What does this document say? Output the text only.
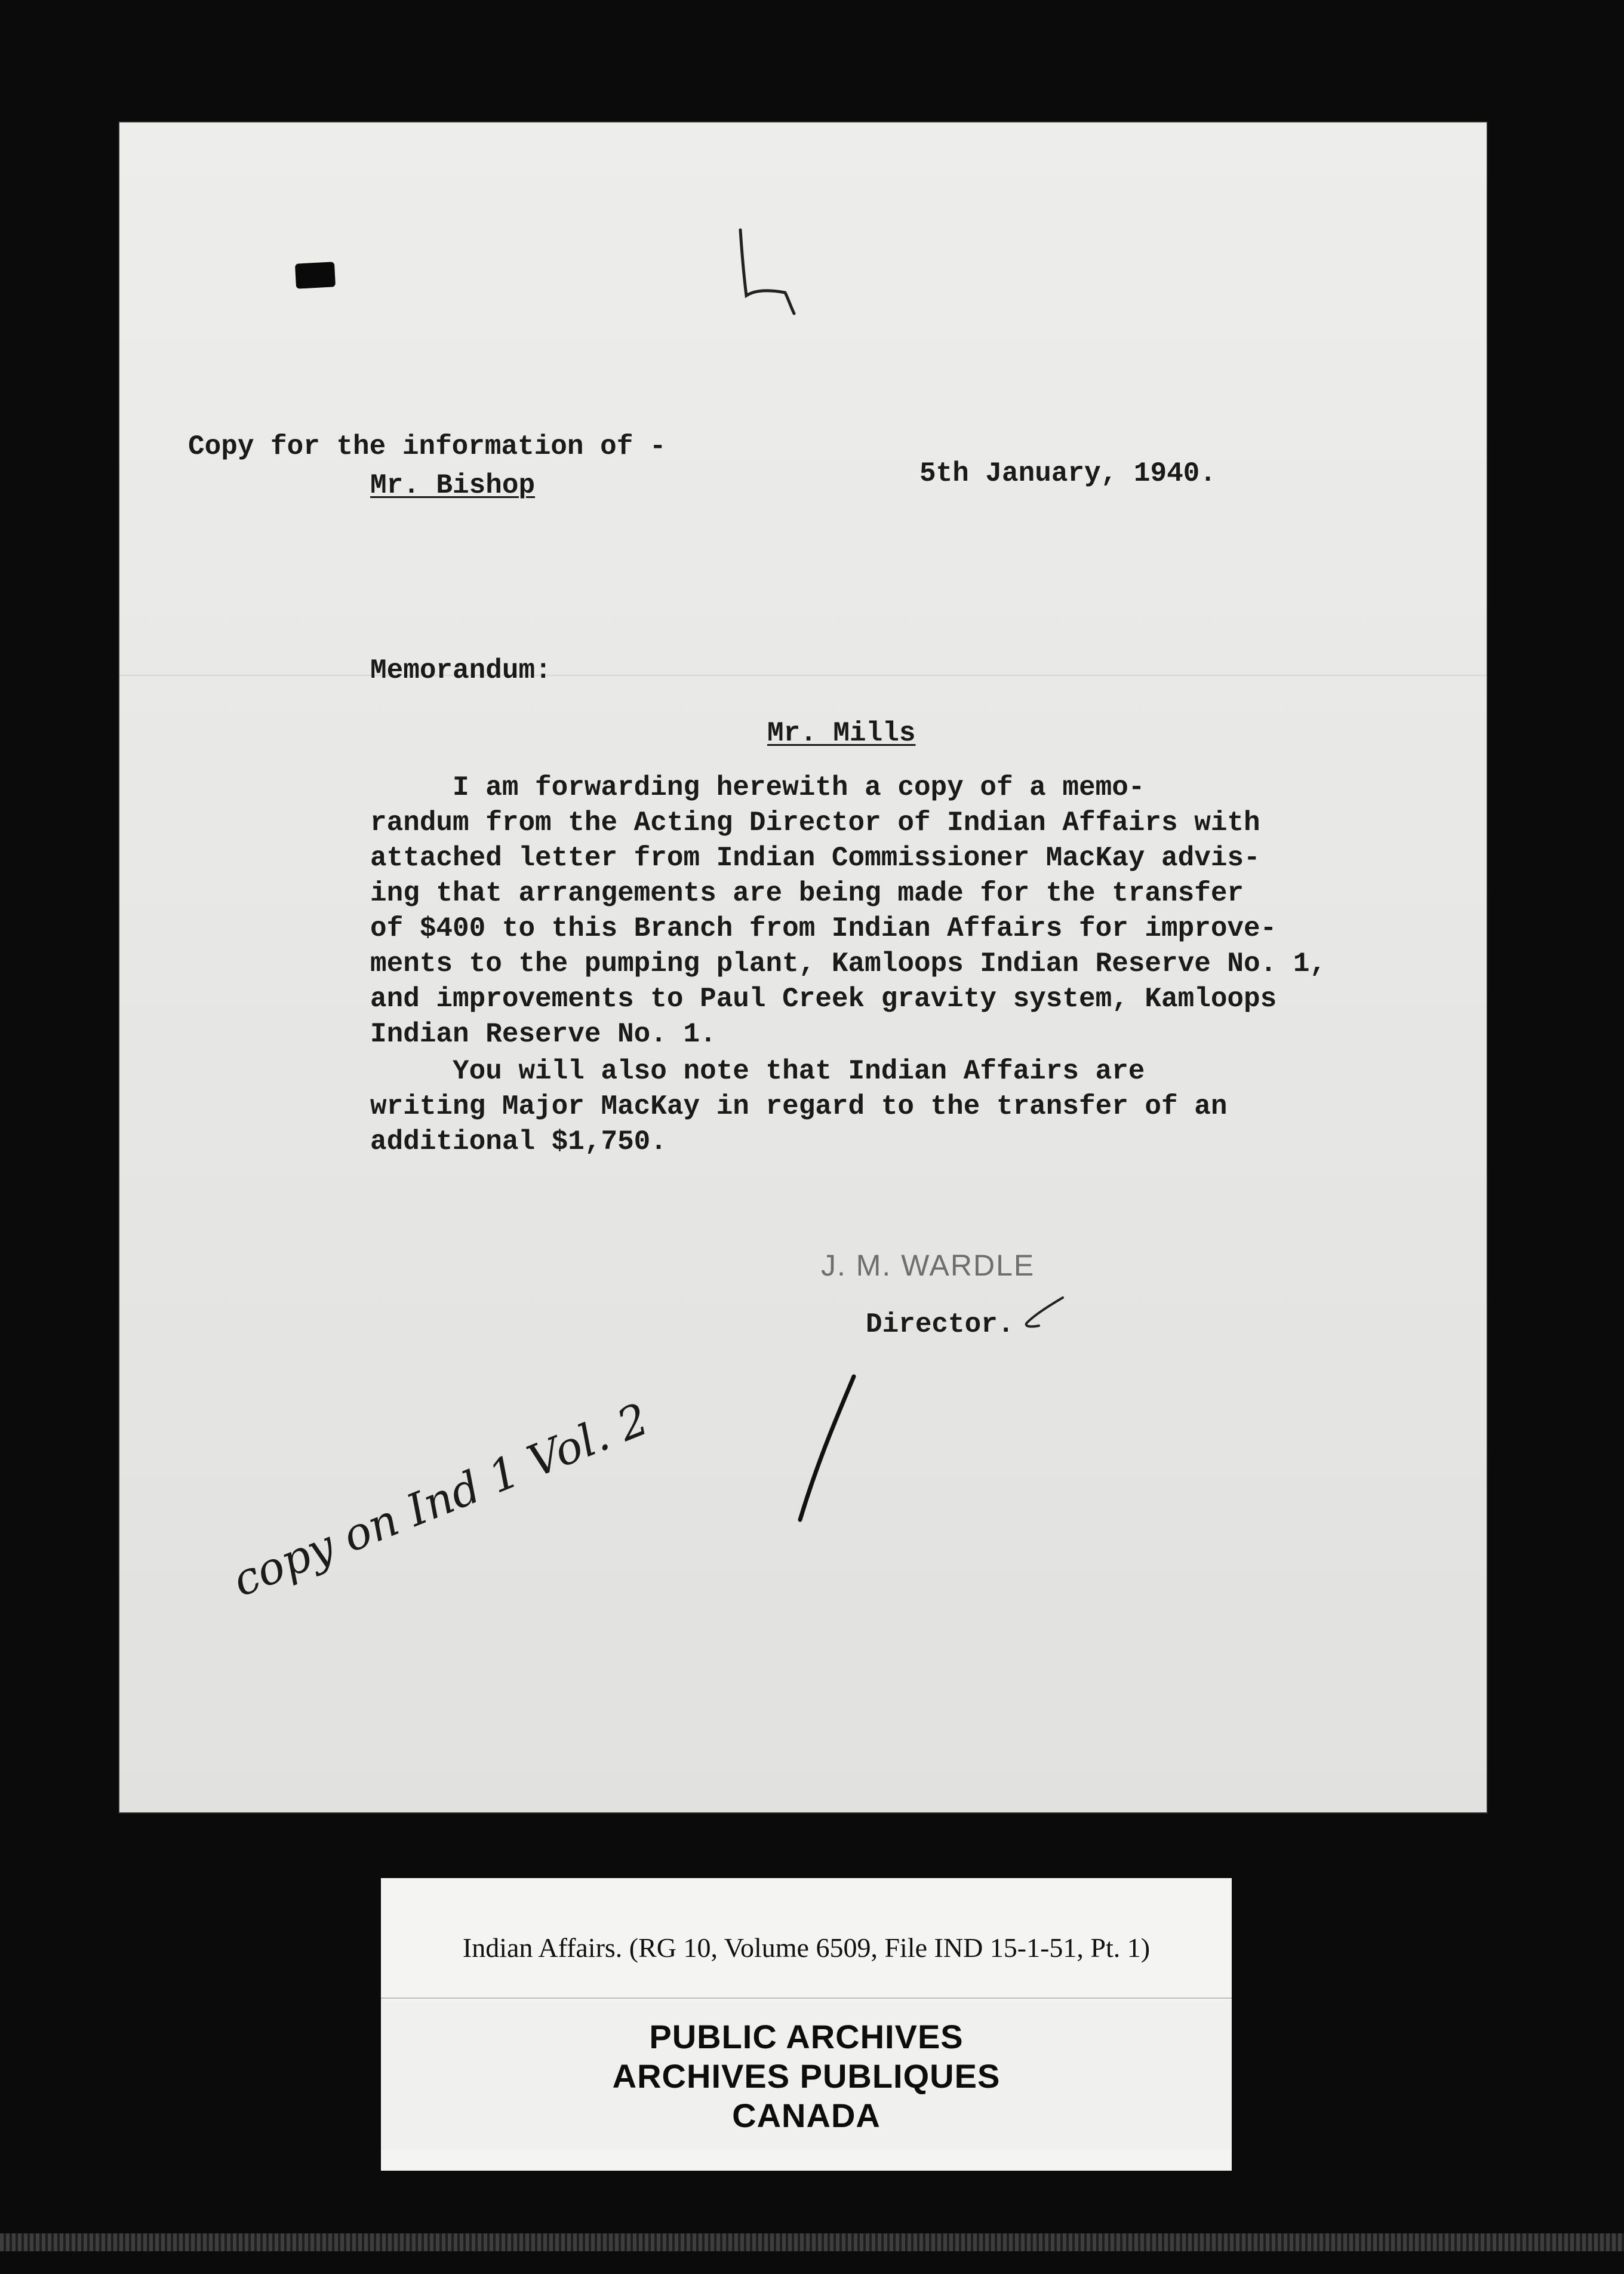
Copy for the information of -
Mr. Bishop	5th January, 1940.
Memorandum:
Mr. Mills

I am forwarding herewith a copy of a memo-

randum from the Acting Director of Indian Affairs with

attached letter from Indian Commissioner MacKay advis-

ing that arrangements are being made for the transfer

of $400 to this Branch from Indian Affairs for improve-

ments to the pumping plant, Kamloops Indian Reserve No. 1,

and improvements to Paul Creek gravity system, Kamloops

Indian Reserve No. 1.

You will also note that Indian Affairs are

writing Major MacKay in regard to the transfer of an

additional $1,750.

J. M. WARDLE
Director.
copy on Ind 1 Vol. 2
Indian Affairs. (RG 10, Volume 6509, File IND 15-1-51, Pt. 1)
PUBLIC ARCHIVES
ARCHIVES PUBLIQUES
CANADA
